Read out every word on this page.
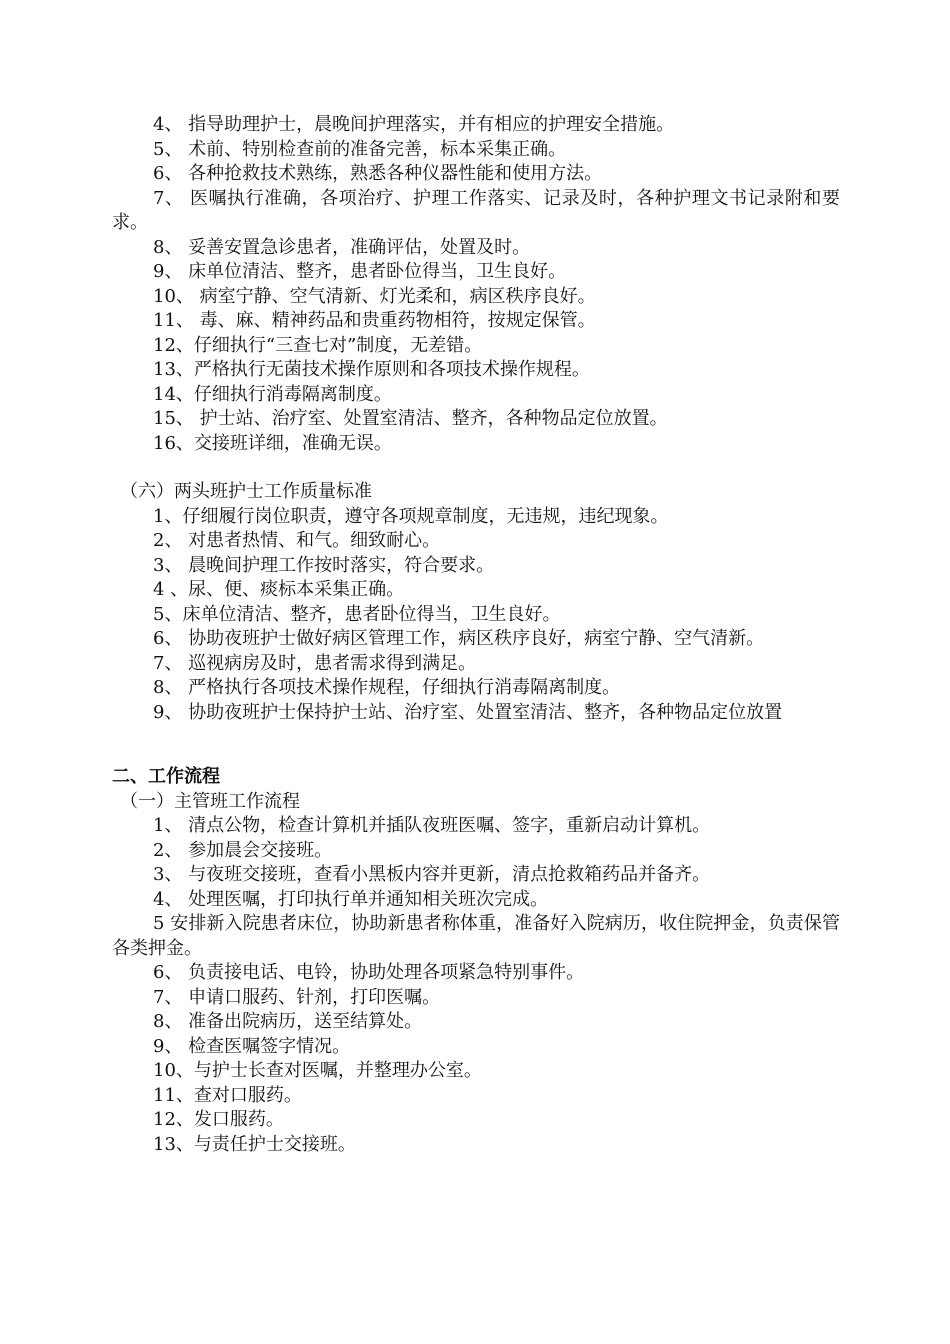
4、 指导助理护士，晨晚间护理落实，并有相应的护理安全措施。
5、 术前、特别检查前的准备完善，标本采集正确。
6、 各种抢救技术熟练，熟悉各种仪器性能和使用方法。
7、 医嘱执行准确，各项治疗、护理工作落实、记录及时，各种护理文书记录附和要求。
8、 妥善安置急诊患者，准确评估，处置及时。
9、 床单位清洁、整齐，患者卧位得当，卫生良好。
10、 病室宁静、空气清新、灯光柔和，病区秩序良好。
11、 毒、麻、精神药品和贵重药物相符，按规定保管。
12、仔细执行“三查七对”制度，无差错。
13、严格执行无菌技术操作原则和各项技术操作规程。
14、仔细执行消毒隔离制度。
15、 护士站、治疗室、处置室清洁、整齐，各种物品定位放置。
16、交接班详细，准确无误。
（六）两头班护士工作质量标准
1、仔细履行岗位职责，遵守各项规章制度，无违规，违纪现象。
2、 对患者热情、和气。细致耐心。
3、 晨晚间护理工作按时落实，符合要求。
4 、尿、便、痰标本采集正确。
5、床单位清洁、整齐，患者卧位得当，卫生良好。
6、 协助夜班护士做好病区管理工作，病区秩序良好，病室宁静、空气清新。
7、 巡视病房及时，患者需求得到满足。
8、 严格执行各项技术操作规程，仔细执行消毒隔离制度。
9、 协助夜班护士保持护士站、治疗室、处置室清洁、整齐，各种物品定位放置
二、工作流程
（一）主管班工作流程
1、 清点公物，检查计算机并插队夜班医嘱、签字，重新启动计算机。
2、 参加晨会交接班。
3、 与夜班交接班，查看小黑板内容并更新，清点抢救箱药品并备齐。
4、 处理医嘱，打印执行单并通知相关班次完成。
5 安排新入院患者床位，协助新患者称体重，准备好入院病历，收住院押金，负责保管各类押金。
6、 负责接电话、电铃，协助处理各项紧急特别事件。
7、 申请口服药、针剂，打印医嘱。
8、 准备出院病历，送至结算处。
9、 检查医嘱签字情况。
10、与护士长查对医嘱，并整理办公室。
11、查对口服药。
12、发口服药。
13、与责任护士交接班。
